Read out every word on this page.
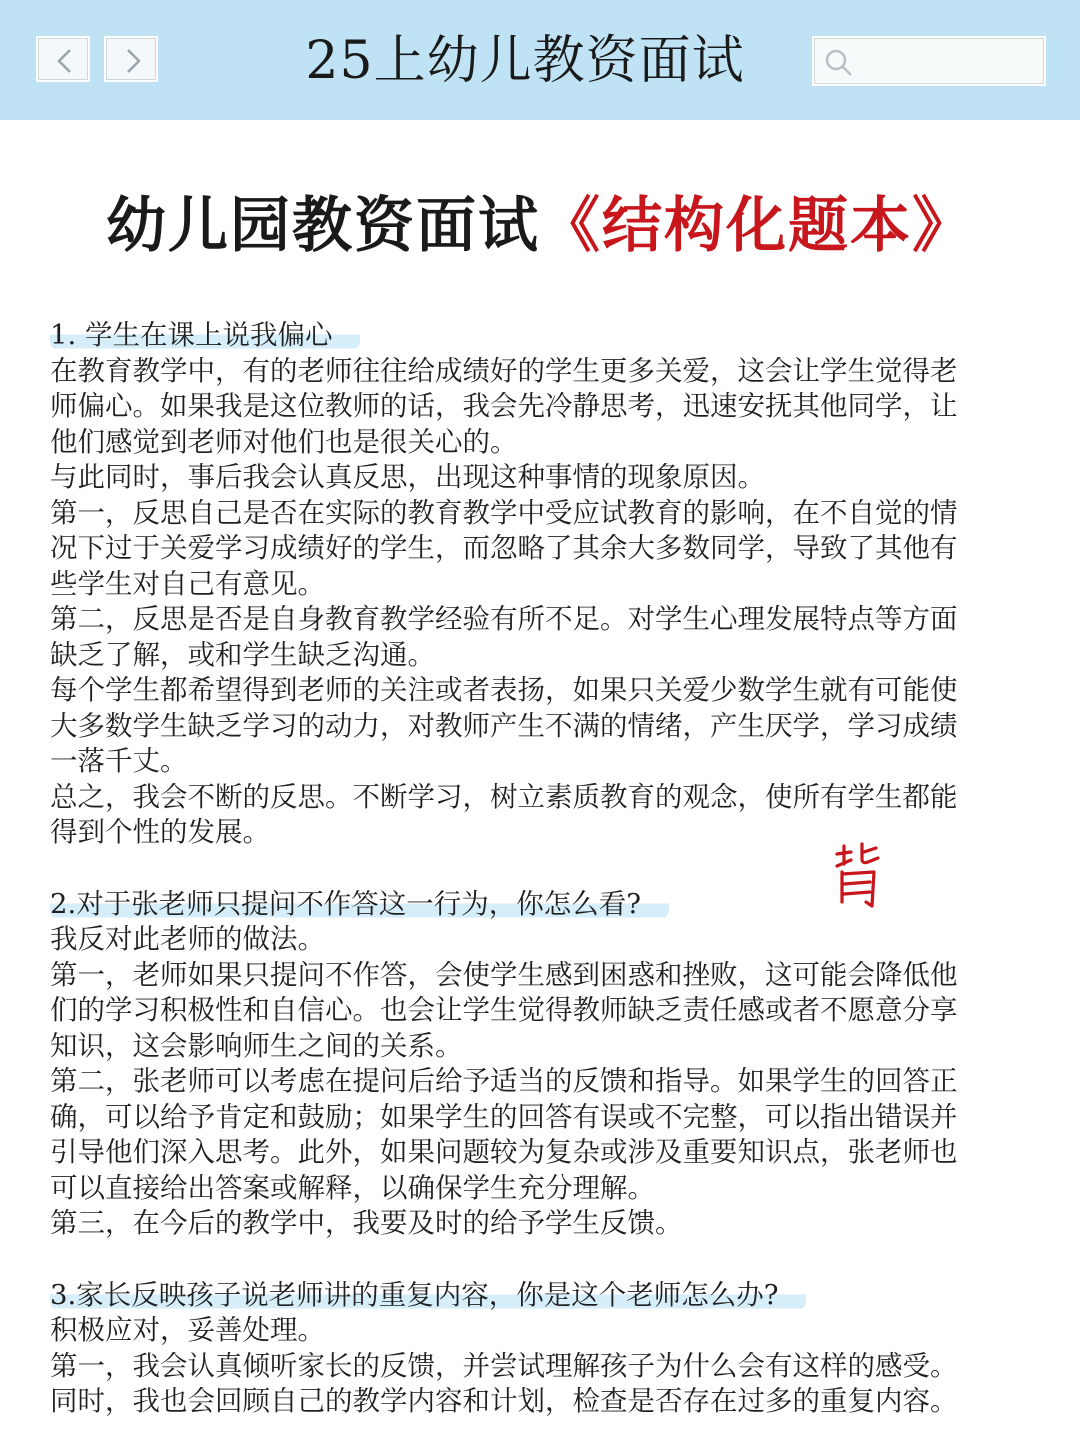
25上幼儿教资面试
幼儿园教资面试《结构化题本》
1. 学生在课上说我偏心
在教育教学中，有的老师往往给成绩好的学生更多关爱，这会让学生觉得老
师偏心。如果我是这位教师的话，我会先冷静思考，迅速安抚其他同学，让
他们感觉到老师对他们也是很关心的。
与此同时，事后我会认真反思，出现这种事情的现象原因。
第一，反思自己是否在实际的教育教学中受应试教育的影响，在不自觉的情
况下过于关爱学习成绩好的学生，而忽略了其余大多数同学，导致了其他有
些学生对自己有意见。
第二，反思是否是自身教育教学经验有所不足。对学生心理发展特点等方面
缺乏了解，或和学生缺乏沟通。
每个学生都希望得到老师的关注或者表扬，如果只关爱少数学生就有可能使
大多数学生缺乏学习的动力，对教师产生不满的情绪，产生厌学，学习成绩
一落千丈。
总之，我会不断的反思。不断学习，树立素质教育的观念，使所有学生都能
得到个性的发展。
2.对于张老师只提问不作答这一行为，你怎么看?
我反对此老师的做法。
第一，老师如果只提问不作答，会使学生感到困惑和挫败，这可能会降低他
们的学习积极性和自信心。也会让学生觉得教师缺乏责任感或者不愿意分享
知识，这会影响师生之间的关系。
第二，张老师可以考虑在提问后给予适当的反馈和指导。如果学生的回答正
确，可以给予肯定和鼓励；如果学生的回答有误或不完整，可以指出错误并
引导他们深入思考。此外，如果问题较为复杂或涉及重要知识点，张老师也
可以直接给出答案或解释，以确保学生充分理解。
第三，在今后的教学中，我要及时的给予学生反馈。
3.家长反映孩子说老师讲的重复内容，你是这个老师怎么办?
积极应对，妥善处理。
第一，我会认真倾听家长的反馈，并尝试理解孩子为什么会有这样的感受。
同时，我也会回顾自己的教学内容和计划，检查是否存在过多的重复内容。
